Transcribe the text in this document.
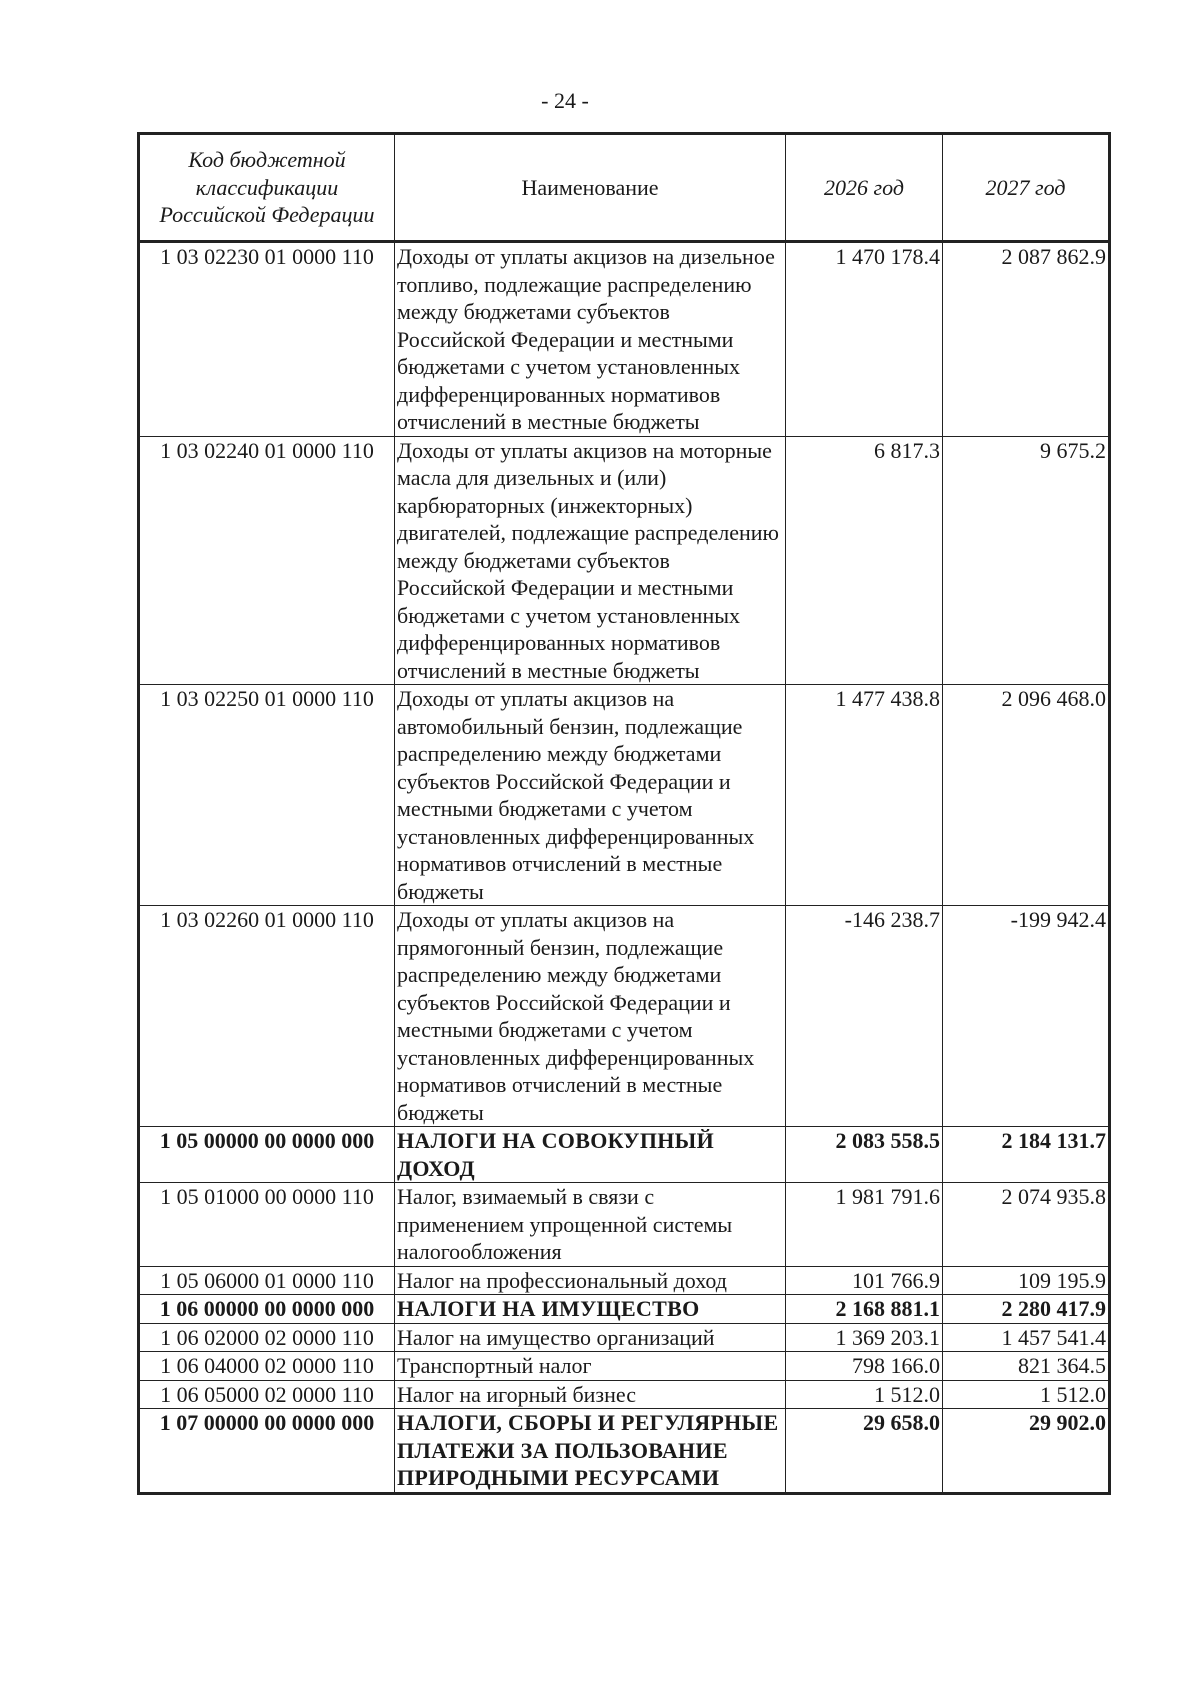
- 24 -
Код бюджетной классификации Российской Федерации	Наименование	2026 год	2027 год
1 03 02230 01 0000 110	Доходы от уплаты акцизов на дизельное топливо, подлежащие распределению между бюджетами субъектов Российской Федерации и местными бюджетами с учетом установленных дифференцированных нормативов отчислений в местные бюджеты	1 470 178.4	2 087 862.9
1 03 02240 01 0000 110	Доходы от уплаты акцизов на моторные масла для дизельных и (или) карбюраторных (инжекторных) двигателей, подлежащие распределению между бюджетами субъектов Российской Федерации и местными бюджетами с учетом установленных дифференцированных нормативов отчислений в местные бюджеты	6 817.3	9 675.2
1 03 02250 01 0000 110	Доходы от уплаты акцизов на автомобильный бензин, подлежащие распределению между бюджетами субъектов Российской Федерации и местными бюджетами с учетом установленных дифференцированных нормативов отчислений в местные бюджеты	1 477 438.8	2 096 468.0
1 03 02260 01 0000 110	Доходы от уплаты акцизов на прямогонный бензин, подлежащие распределению между бюджетами субъектов Российской Федерации и местными бюджетами с учетом установленных дифференцированных нормативов отчислений в местные бюджеты	-146 238.7	-199 942.4
1 05 00000 00 0000 000	НАЛОГИ НА СОВОКУПНЫЙ ДОХОД	2 083 558.5	2 184 131.7
1 05 01000 00 0000 110	Налог, взимаемый в связи с применением упрощенной системы налогообложения	1 981 791.6	2 074 935.8
1 05 06000 01 0000 110	Налог на профессиональный доход	101 766.9	109 195.9
1 06 00000 00 0000 000	НАЛОГИ НА ИМУЩЕСТВО	2 168 881.1	2 280 417.9
1 06 02000 02 0000 110	Налог на имущество организаций	1 369 203.1	1 457 541.4
1 06 04000 02 0000 110	Транспортный налог	798 166.0	821 364.5
1 06 05000 02 0000 110	Налог на игорный бизнес	1 512.0	1 512.0
1 07 00000 00 0000 000	НАЛОГИ, СБОРЫ И РЕГУЛЯРНЫЕ ПЛАТЕЖИ ЗА ПОЛЬЗОВАНИЕ ПРИРОДНЫМИ РЕСУРСАМИ	29 658.0	29 902.0
